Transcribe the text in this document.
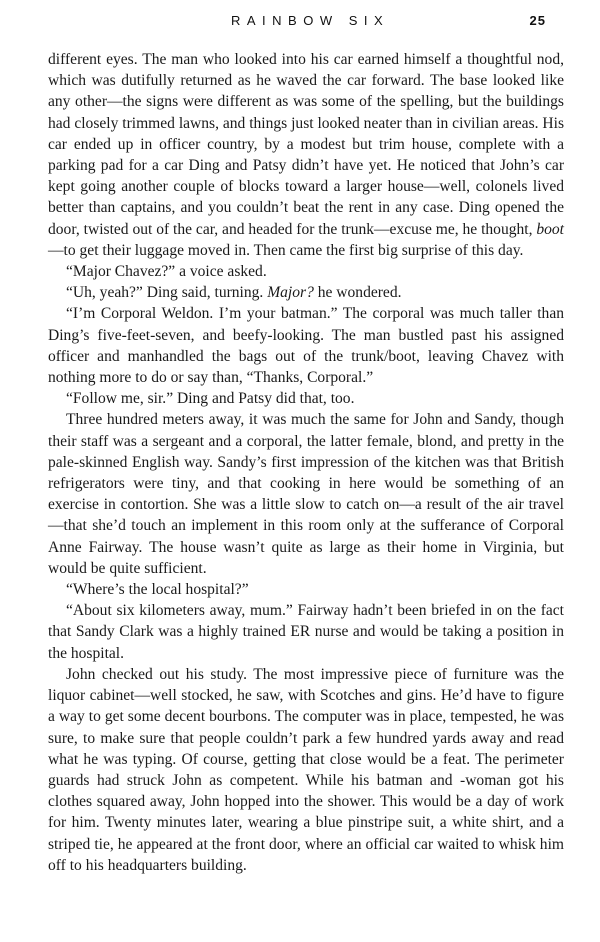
RAINBOW SIX	25

different eyes. The man who looked into his car earned himself a thoughtful nod, which was dutifully returned as he waved the car forward. The base looked like any other—the signs were different as was some of the spelling, but the buildings had closely trimmed lawns, and things just looked neater than in civilian areas. His car ended up in officer country, by a modest but trim house, complete with a parking pad for a car Ding and Patsy didn’t have yet. He noticed that John’s car kept going another couple of blocks toward a larger house—well, colonels lived better than captains, and you couldn’t beat the rent in any case. Ding opened the door, twisted out of the car, and headed for the trunk—excuse me, he thought, boot—to get their luggage moved in. Then came the first big surprise of this day.

“Major Chavez?” a voice asked.

“Uh, yeah?” Ding said, turning. Major? he wondered.

“I’m Corporal Weldon. I’m your batman.” The corporal was much taller than Ding’s five-feet-seven, and beefy-looking. The man bustled past his assigned officer and manhandled the bags out of the trunk/boot, leaving Chavez with nothing more to do or say than, “Thanks, Corporal.”

“Follow me, sir.” Ding and Patsy did that, too.

Three hundred meters away, it was much the same for John and Sandy, though their staff was a sergeant and a corporal, the latter female, blond, and pretty in the pale-skinned English way. Sandy’s first impression of the kitchen was that British refrigerators were tiny, and that cooking in here would be something of an exercise in contortion. She was a little slow to catch on—a result of the air travel—that she’d touch an implement in this room only at the sufferance of Corporal Anne Fairway. The house wasn’t quite as large as their home in Virginia, but would be quite sufficient.

“Where’s the local hospital?”

“About six kilometers away, mum.” Fairway hadn’t been briefed in on the fact that Sandy Clark was a highly trained ER nurse and would be taking a position in the hospital.

John checked out his study. The most impressive piece of furniture was the liquor cabinet—well stocked, he saw, with Scotches and gins. He’d have to figure a way to get some decent bourbons. The computer was in place, tempested, he was sure, to make sure that people couldn’t park a few hundred yards away and read what he was typing. Of course, getting that close would be a feat. The perimeter guards had struck John as competent. While his batman and -woman got his clothes squared away, John hopped into the shower. This would be a day of work for him. Twenty minutes later, wearing a blue pinstripe suit, a white shirt, and a striped tie, he appeared at the front door, where an official car waited to whisk him off to his headquarters building.
